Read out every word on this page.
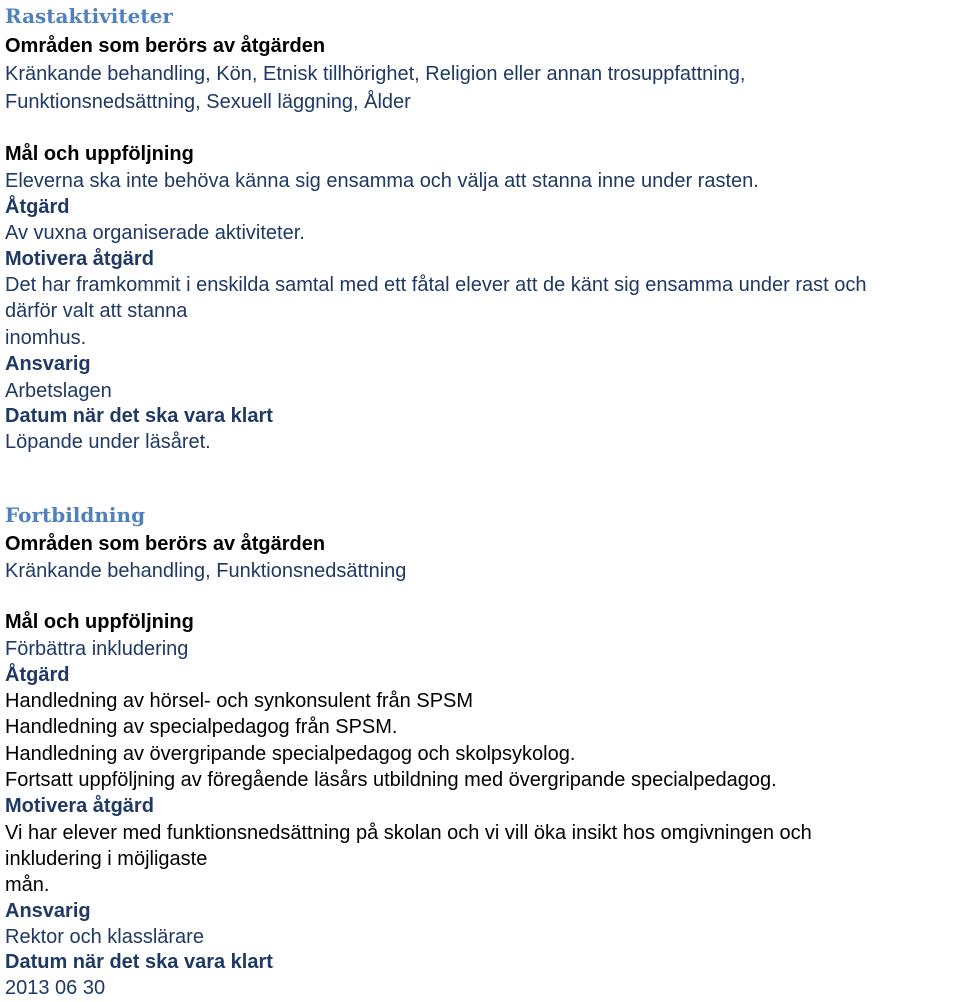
Rastaktiviteter

Områden som berörs av åtgärden

Kränkande behandling, Kön, Etnisk tillhörighet, Religion eller annan trosuppfattning,

Funktionsnedsättning, Sexuell läggning, Ålder

Mål och uppföljning

Eleverna ska inte behöva känna sig ensamma och välja att stanna inne under rasten.

Åtgärd

Av vuxna organiserade aktiviteter.

Motivera åtgärd

Det har framkommit i enskilda samtal med ett fåtal elever att de känt sig ensamma under rast och

därför valt att stanna

inomhus.

Ansvarig

Arbetslagen

Datum när det ska vara klart

Löpande under läsåret.

Fortbildning

Områden som berörs av åtgärden

Kränkande behandling, Funktionsnedsättning

Mål och uppföljning

Förbättra inkludering

Åtgärd

Handledning av hörsel- och synkonsulent från SPSM

Handledning av specialpedagog från SPSM.

Handledning av övergripande specialpedagog och skolpsykolog.

Fortsatt uppföljning av föregående läsårs utbildning med övergripande specialpedagog.

Motivera åtgärd

Vi har elever med funktionsnedsättning på skolan och vi vill öka insikt hos omgivningen och

inkludering i möjligaste

mån.

Ansvarig

Rektor och klasslärare

Datum när det ska vara klart

2013 06 30
